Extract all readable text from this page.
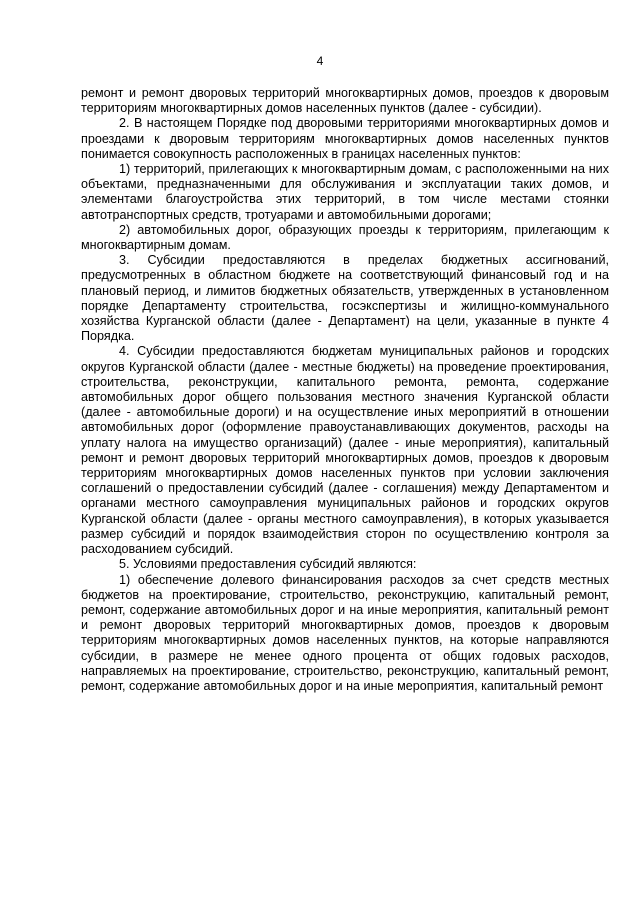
4

ремонт и ремонт дворовых территорий многоквартирных домов, проездов к дворовым территориям многоквартирных домов населенных пунктов (далее - субсидии).

2. В настоящем Порядке под дворовыми территориями многоквартирных домов и проездами к дворовым территориям многоквартирных домов населенных пунктов понимается совокупность расположенных в границах населенных пунктов:

1) территорий, прилегающих к многоквартирным домам, с расположенными на них объектами, предназначенными для обслуживания и эксплуатации таких домов, и элементами благоустройства этих территорий, в том числе местами стоянки автотранспортных средств, тротуарами и автомобильными дорогами;

2) автомобильных дорог, образующих проезды к территориям, прилегающим к многоквартирным домам.

3. Субсидии предоставляются в пределах бюджетных ассигнований, предусмотренных в областном бюджете на соответствующий финансовый год и на плановый период, и лимитов бюджетных обязательств, утвержденных в установленном порядке Департаменту строительства, госэкспертизы и жилищно-коммунального хозяйства Курганской области (далее - Департамент) на цели, указанные в пункте 4 Порядка.

4. Субсидии предоставляются бюджетам муниципальных районов и городских округов Курганской области (далее - местные бюджеты) на проведение проектирования, строительства, реконструкции, капитального ремонта, ремонта, содержание автомобильных дорог общего пользования местного значения Курганской области (далее - автомобильные дороги) и на осуществление иных мероприятий в отношении автомобильных дорог (оформление правоустанавливающих документов, расходы на уплату налога на имущество организаций) (далее - иные мероприятия), капитальный ремонт и ремонт дворовых территорий многоквартирных домов, проездов к дворовым территориям многоквартирных домов населенных пунктов при условии заключения соглашений о предоставлении субсидий (далее - соглашения) между Департаментом и органами местного самоуправления муниципальных районов и городских округов Курганской области (далее - органы местного самоуправления), в которых указывается размер субсидий и порядок взаимодействия сторон по осуществлению контроля за расходованием субсидий.

5. Условиями предоставления субсидий являются:

1) обеспечение долевого финансирования расходов за счет средств местных бюджетов на проектирование, строительство, реконструкцию, капитальный ремонт, ремонт, содержание автомобильных дорог и на иные мероприятия, капитальный ремонт и ремонт дворовых территорий многоквартирных домов, проездов к дворовым территориям многоквартирных домов населенных пунктов, на которые направляются субсидии, в размере не менее одного процента от общих годовых расходов, направляемых на проектирование, строительство, реконструкцию, капитальный ремонт, ремонт, содержание автомобильных дорог и на иные мероприятия, капитальный ремонт
